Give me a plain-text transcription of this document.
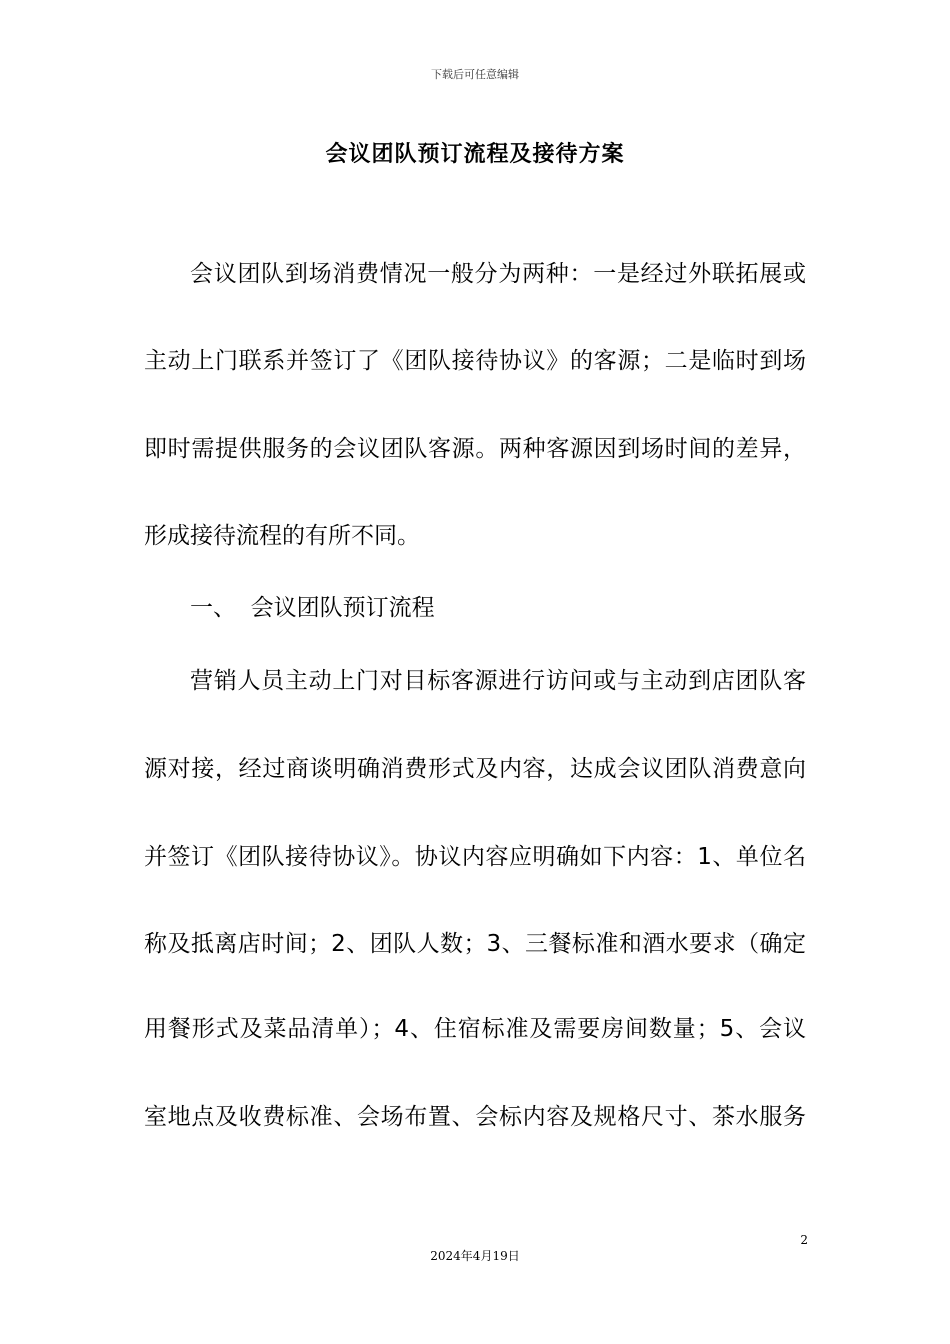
下载后可任意编辑
会议团队预订流程及接待方案
会议团队到场消费情况一般分为两种：一是经过外联拓展或
主动上门联系并签订了《团队接待协议》的客源；二是临时到场
即时需提供服务的会议团队客源。两种客源因到场时间的差异，
形成接待流程的有所不同。
一、  会议团队预订流程
营销人员主动上门对目标客源进行访问或与主动到店团队客
源对接，经过商谈明确消费形式及内容，达成会议团队消费意向
并签订《团队接待协议》。协议内容应明确如下内容：1、单位名
称及抵离店时间；2、团队人数；3、三餐标准和酒水要求（确定
用餐形式及菜品清单）；4、住宿标准及需要房间数量；5、会议
室地点及收费标准、会场布置、会标内容及规格尺寸、茶水服务
2
2024年4月19日
